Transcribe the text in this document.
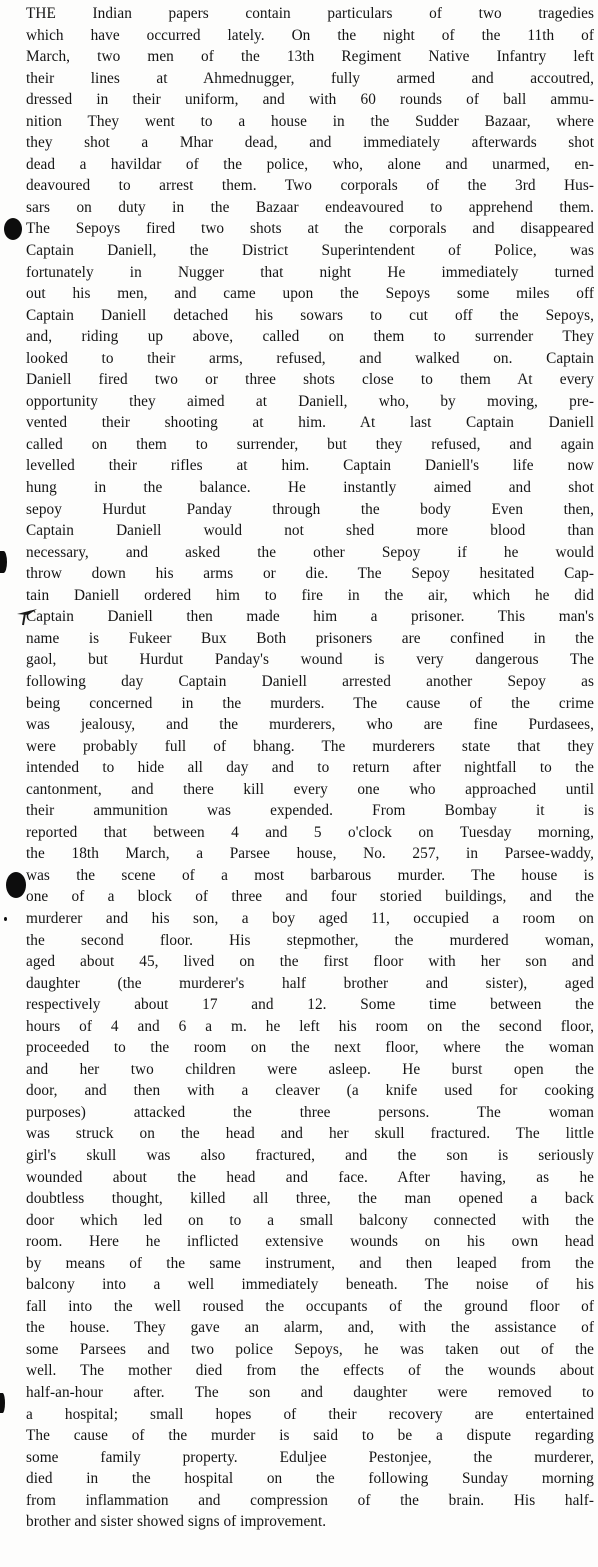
THE Indian papers contain particulars of two tragedies
which have occurred lately. On the night of the 11th of
March, two men of the 13th Regiment Native Infantry left
their lines at Ahmednugger, fully armed and accoutred,
dressed in their uniform, and with 60 rounds of ball ammu-
nition They went to a house in the Sudder Bazaar, where
they shot a Mhar dead, and immediately afterwards shot
dead a havildar of the police, who, alone and unarmed, en-
deavoured to arrest them. Two corporals of the 3rd Hus-
sars on duty in the Bazaar endeavoured to apprehend them.
The Sepoys fired two shots at the corporals and disappeared
Captain Daniell, the District Superintendent of Police, was
fortunately in Nugger that night He immediately turned
out his men, and came upon the Sepoys some miles off
Captain Daniell detached his sowars to cut off the Sepoys,
and, riding up above, called on them to surrender They
looked to their arms, refused, and walked on. Captain
Daniell fired two or three shots close to them At every
opportunity they aimed at Daniell, who, by moving, pre-
vented their shooting at him. At last Captain Daniell
called on them to surrender, but they refused, and again
levelled their rifles at him. Captain Daniell's life now
hung in the balance. He instantly aimed and shot
sepoy Hurdut Panday through the body Even then,
Captain Daniell would not shed more blood than
necessary, and asked the other Sepoy if he would
throw down his arms or die. The Sepoy hesitated Cap-
tain Daniell ordered him to fire in the air, which he did
Captain Daniell then made him a prisoner. This man's
name is Fukeer Bux Both prisoners are confined in the
gaol, but Hurdut Panday's wound is very dangerous The
following day Captain Daniell arrested another Sepoy as
being concerned in the murders. The cause of the crime
was jealousy, and the murderers, who are fine Purdasees,
were probably full of bhang. The murderers state that they
intended to hide all day and to return after nightfall to the
cantonment, and there kill every one who approached until
their ammunition was expended. From Bombay it is
reported that between 4 and 5 o'clock on Tuesday morning,
the 18th March, a Parsee house, No. 257, in Parsee-waddy,
was the scene of a most barbarous murder. The house is
one of a block of three and four storied buildings, and the
murderer and his son, a boy aged 11, occupied a room on
the second floor. His stepmother, the murdered woman,
aged about 45, lived on the first floor with her son and
daughter (the murderer's half brother and sister), aged
respectively about 17 and 12. Some time between the
hours of 4 and 6 a m. he left his room on the second floor,
proceeded to the room on the next floor, where the woman
and her two children were asleep. He burst open the
door, and then with a cleaver (a knife used for cooking
purposes) attacked the three persons. The woman
was struck on the head and her skull fractured. The little
girl's skull was also fractured, and the son is seriously
wounded about the head and face. After having, as he
doubtless thought, killed all three, the man opened a back
door which led on to a small balcony connected with the
room. Here he inflicted extensive wounds on his own head
by means of the same instrument, and then leaped from the
balcony into a well immediately beneath. The noise of his
fall into the well roused the occupants of the ground floor of
the house. They gave an alarm, and, with the assistance of
some Parsees and two police Sepoys, he was taken out of the
well. The mother died from the effects of the wounds about
half-an-hour after. The son and daughter were removed to
a hospital; small hopes of their recovery are entertained
The cause of the murder is said to be a dispute regarding
some family property. Eduljee Pestonjee, the murderer,
died in the hospital on the following Sunday morning
from inflammation and compression of the brain. His half-
brother and sister showed signs of improvement.
